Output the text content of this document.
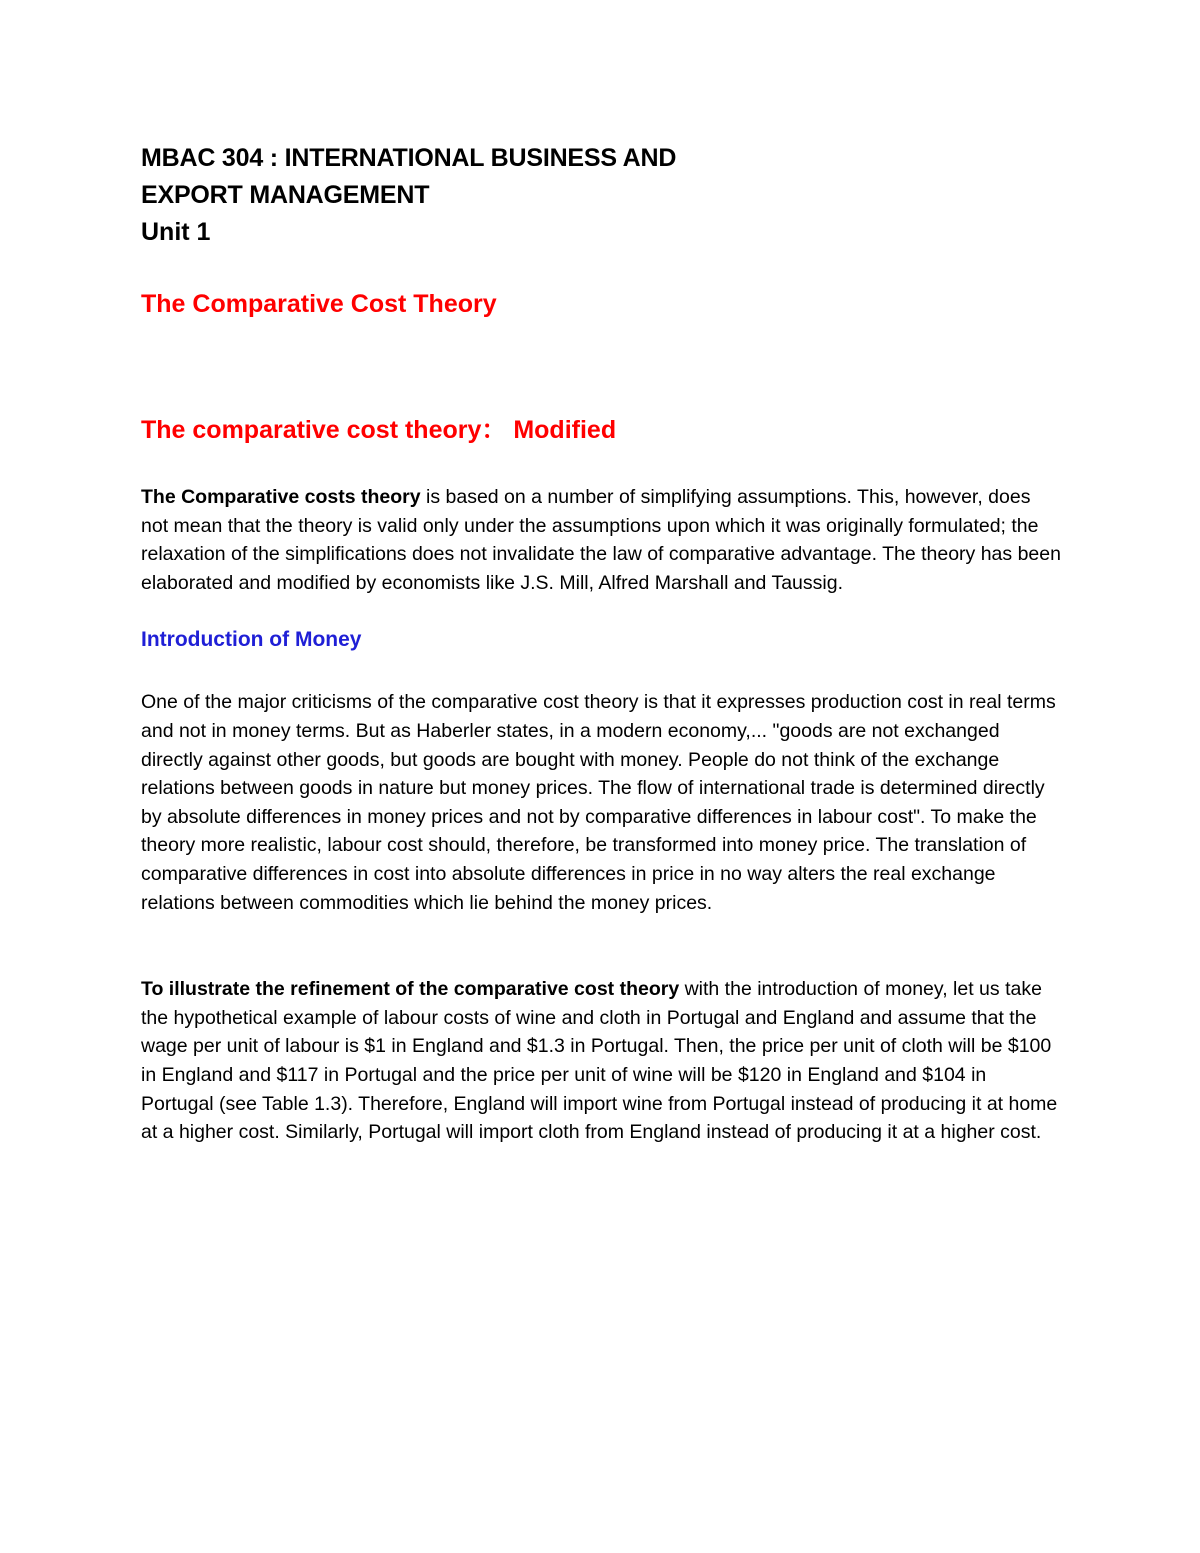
MBAC 304 : INTERNATIONAL BUSINESS AND
EXPORT MANAGEMENT
Unit 1
The Comparative Cost Theory
The comparative cost theory： Modified

The Comparative costs theory is based on a number of simplifying assumptions. This, however, does not mean that the theory is valid only under the assumptions upon which it was originally formulated; the relaxation of the simplifications does not invalidate the law of comparative advantage. The theory has been elaborated and modified by economists like J.S. Mill, Alfred Marshall and Taussig.

Introduction of Money

One of the major criticisms of the comparative cost theory is that it expresses production cost in real terms and not in money terms. But as Haberler states, in a modern economy,... "goods are not exchanged directly against other goods, but goods are bought with money. People do not think of the exchange relations between goods in nature but money prices. The flow of international trade is determined directly by absolute differences in money prices and not by comparative differences in labour cost". To make the theory more realistic, labour cost should, therefore, be transformed into money price. The translation of comparative differences in cost into absolute differences in price in no way alters the real exchange relations between commodities which lie behind the money prices.

To illustrate the refinement of the comparative cost theory with the introduction of money, let us take the hypothetical example of labour costs of wine and cloth in Portugal and England and assume that the wage per unit of labour is $1 in England and $1.3 in Portugal. Then, the price per unit of cloth will be $100 in England and $117 in Portugal and the price per unit of wine will be $120 in England and $104 in Portugal (see Table 1.3). Therefore, England will import wine from Portugal instead of producing it at home at a higher cost. Similarly, Portugal will import cloth from England instead of producing it at a higher cost.
